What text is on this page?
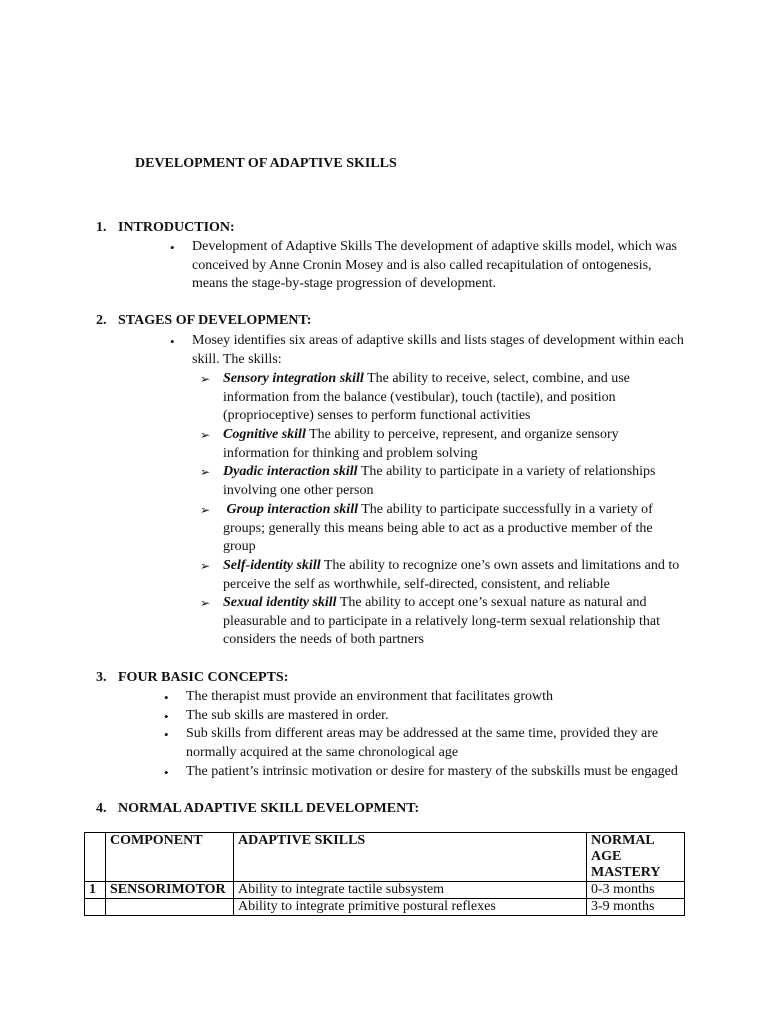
DEVELOPMENT OF ADAPTIVE SKILLS
1. INTRODUCTION:
• Development of Adaptive Skills The development of adaptive skills model, which was
conceived by Anne Cronin Mosey and is also called recapitulation of ontogenesis,
means the stage-by-stage progression of development.
2. STAGES OF DEVELOPMENT:
• Mosey identifies six areas of adaptive skills and lists stages of development within each
skill. The skills:
➢ Sensory integration skill The ability to receive, select, combine, and use
information from the balance (vestibular), touch (tactile), and position
(proprioceptive) senses to perform functional activities
➢ Cognitive skill The ability to perceive, represent, and organize sensory
information for thinking and problem solving
➢ Dyadic interaction skill The ability to participate in a variety of relationships
involving one other person
➢ Group interaction skill The ability to participate successfully in a variety of
groups; generally this means being able to act as a productive member of the
group
➢ Self-identity skill The ability to recognize one’s own assets and limitations and to
perceive the self as worthwhile, self-directed, consistent, and reliable
➢ Sexual identity skill The ability to accept one’s sexual nature as natural and
pleasurable and to participate in a relatively long-term sexual relationship that
considers the needs of both partners
3. FOUR BASIC CONCEPTS:
• The therapist must provide an environment that facilitates growth
• The sub skills are mastered in order.
• Sub skills from different areas may be addressed at the same time, provided they are
normally acquired at the same chronological age
• The patient’s intrinsic motivation or desire for mastery of the subskills must be engaged
4. NORMAL ADAPTIVE SKILL DEVELOPMENT:
	COMPONENT	ADAPTIVE SKILLS	NORMAL
AGE
MASTERY

1	SENSORIMOTOR	Ability to integrate tactile subsystem	0-3 months
		Ability to integrate primitive postural reflexes	3-9 months
